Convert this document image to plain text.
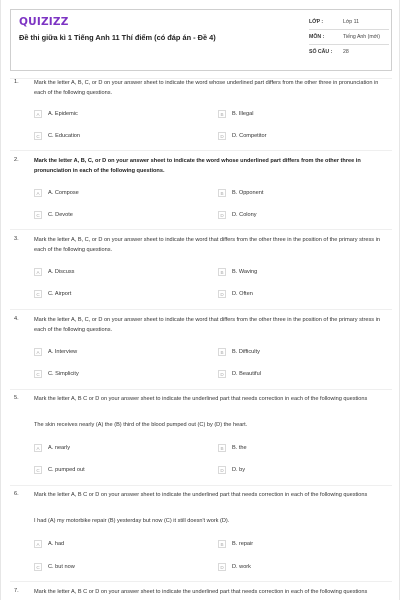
QUIZIZZ
Đề thi giữa kì 1 Tiếng Anh 11 Thí điểm (có đáp án - Đề 4)
LỚP :	Lớp 11
MÔN :	Tiếng Anh (mới)
SỐ CÂU :	28
1.	Mark the letter A, B, C, or D on your answer sheet to indicate the word whose underlined part differs from the other three in pronunciation in each of the following questions.
A	A. Epidemic	B	B. Illegal
C	C. Education	D	D. Competitor
2.	Mark the letter A, B, C, or D on your answer sheet to indicate the word whose underlined part differs from the other three in pronunciation in each of the following questions.
A	A. Compose	B	B. Opponent
C	C. Devote	D	D. Colony
3.	Mark the letter A, B, C, or D on your answer sheet to indicate the word that differs from the other three in the position of the primary stress in each of the following questions.
A	A. Discuss	B	B. Waving
C	C. Airport	D	D. Often
4.	Mark the letter A, B, C, or D on your answer sheet to indicate the word that differs from the other three in the position of the primary stress in each of the following questions.
A	A. Interview	B	B. Difficulty
C	C. Simplicity	D	D. Beautiful
5.	Mark the letter A, B C or D on your answer sheet to indicate the underlined part that needs correction in each of the following questions
The skin receives nearly (A) the (B) third of the blood pumped out (C) by (D) the heart.
A	A. nearly	B	B. the
C	C. pumped out	D	D. by
6.	Mark the letter A, B C or D on your answer sheet to indicate the underlined part that needs correction in each of the following questions
I had (A) my motorbike repair (B) yesterday but now (C) it still doesn't work (D).
A	A. had	B	B. repair
C	C. but now	D	D. work
7.	Mark the letter A, B C or D on your answer sheet to indicate the underlined part that needs correction in each of the following questions
